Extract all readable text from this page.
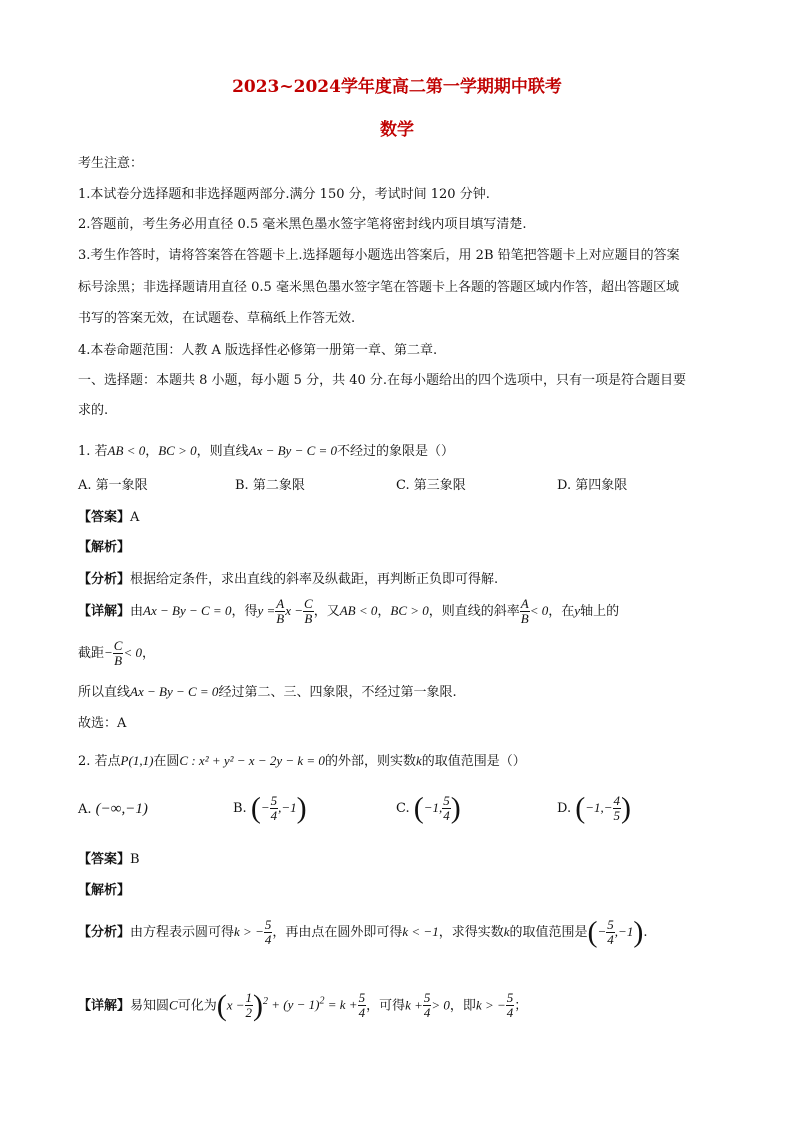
2023~2024学年度高二第一学期期中联考
数学
考生注意：
1.本试卷分选择题和非选择题两部分.满分 150 分，考试时间 120 分钟.
2.答题前，考生务必用直径 0.5 毫米黑色墨水签字笔将密封线内项目填写清楚.
3.考生作答时，请将答案答在答题卡上.选择题每小题选出答案后，用 2B 铅笔把答题卡上对应题目的答案
标号涂黑；非选择题请用直径 0.5 毫米黑色墨水签字笔在答题卡上各题的答题区域内作答，超出答题区域
书写的答案无效，在试题卷、草稿纸上作答无效.
4.本卷命题范围：人教 A 版选择性必修第一册第一章、第二章.
一、选择题：本题共 8 小题，每小题 5 分，共 40 分.在每小题给出的四个选项中，只有一项是符合题目要
求的.
1. 若AB < 0，BC > 0，则直线Ax − By − C = 0不经过的象限是（）
A. 第一象限	B. 第二象限	C. 第三象限	D. 第四象限
【答案】A
【解析】
【分析】根据给定条件，求出直线的斜率及纵截距，再判断正负即可得解.
【详解】由Ax − By − C = 0，得$y = \frac{A}{B}$ $x - \frac{C}{B}$ ，又AB < 0，BC > 0，则直线的斜率 $\frac{A}{B} < 0$，在y轴上的
截距− $\frac{C}{B} < 0$，
所以直线Ax − By − C = 0经过第二、三、四象限，不经过第一象限.
故选：A
2. 若点P(1,1)在圆C : x² + y² − x − 2y − k = 0的外部，则实数k的取值范围是（）
A. (−∞,−1)	B. (− $\frac{5}{4} ,-1$)	C. (−1, $\frac{5}{4}$ )	D. ($-1,- \frac{4}{5}$ )
【答案】B
【解析】
【分析】由方程表示圆可得k > − $\frac{5}{4}$ ，再由点在圆外即可得k < −1，求得实数k的取值范围是(− $\frac{5}{4} ,-1$).
【详解】易知圆C可化为$(x - \frac{1}{2} )^2 + (y - 1)^2 = k + \frac{5}{4}$ ，可得$k + \frac{5}{4} > 0$，即k > − $\frac{5}{4}$ ；
